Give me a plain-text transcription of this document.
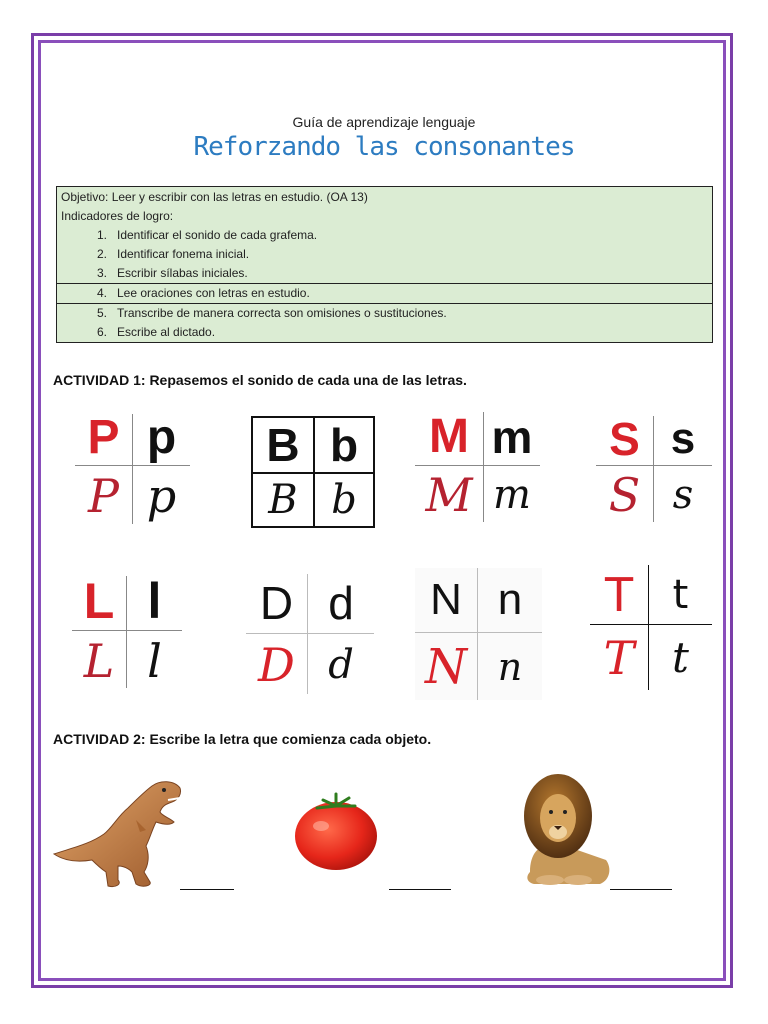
Guía de aprendizaje lenguaje
Reforzando las consonantes
Objetivo: Leer y escribir con las letras en estudio. (OA 13)
Indicadores de logro:
1. Identificar el sonido de cada grafema.
2. Identificar fonema inicial.
3. Escribir sílabas iniciales.
4. Lee oraciones con letras en estudio.
5. Transcribe de manera correcta son omisiones o sustituciones.
6. Escribe al dictado.
ACTIVIDAD 1: Repasemos el sonido de cada una de las letras.
P p
P p
B b
B b
M m
M m
S s
S s
L l
L l
D d
D d
N n
N n
T t
T t
ACTIVIDAD 2: Escribe la letra que comienza cada objeto.
